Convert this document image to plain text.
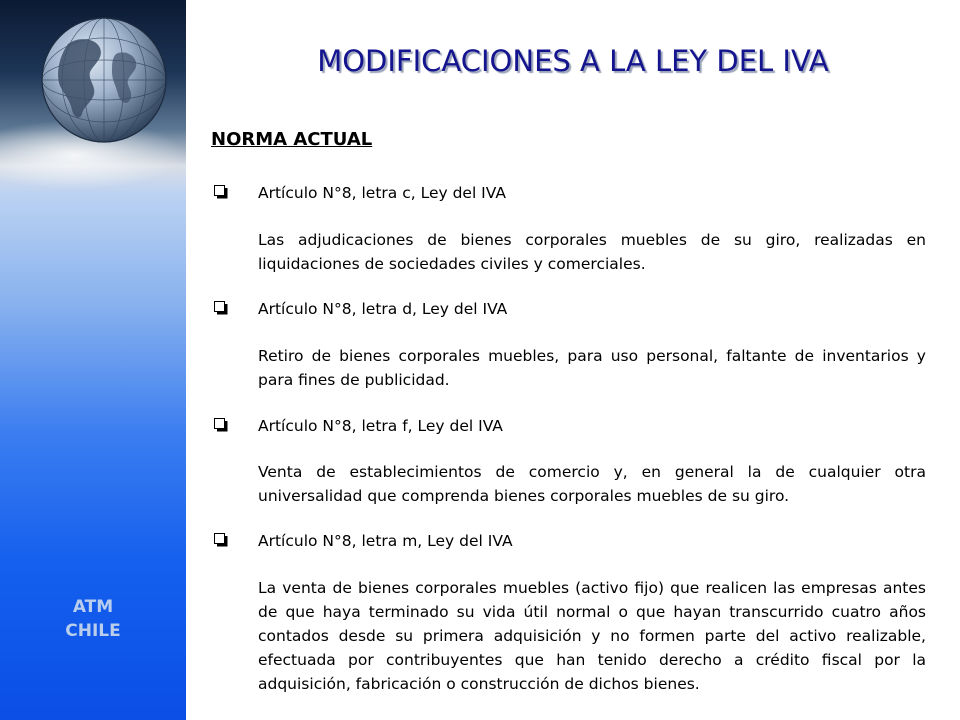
ATM
CHILE
MODIFICACIONES A LA LEY DEL IVA
NORMA ACTUAL
Artículo N°8, letra c, Ley del IVA
Las adjudicaciones de bienes corporales muebles de su giro, realizadas en liquidaciones de sociedades civiles y comerciales.
Artículo N°8, letra d, Ley del IVA
Retiro de bienes corporales muebles, para uso personal, faltante de inventarios y para fines de publicidad.
Artículo N°8, letra f, Ley del IVA
Venta de establecimientos de comercio y, en general la de cualquier otra universalidad que comprenda bienes corporales muebles de su giro.
Artículo N°8, letra m, Ley del IVA
La venta de bienes corporales muebles (activo fijo) que realicen las empresas antes de que haya terminado su vida útil normal o que hayan transcurrido cuatro años contados desde su primera adquisición y no formen parte del activo realizable, efectuada por contribuyentes que han tenido derecho a crédito fiscal por la adquisición, fabricación o construcción de dichos bienes.
